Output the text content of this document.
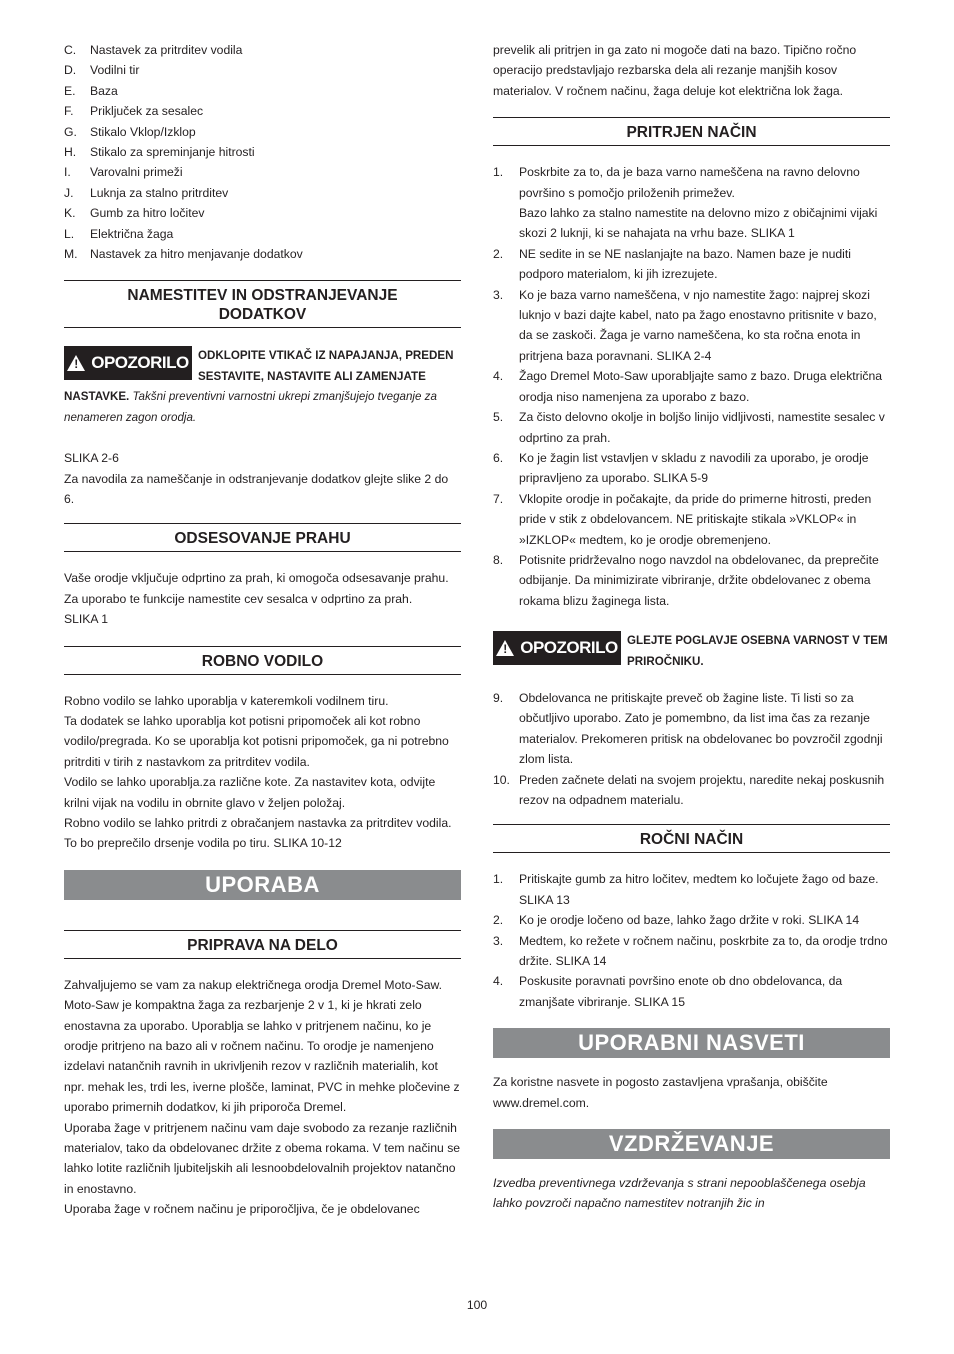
C.	Nastavek za pritrditev vodila
D.	Vodilni tir
E.	Baza
F.	Priključek za sesalec
G.	Stikalo Vklop/Izklop
H.	Stikalo za spreminjanje hitrosti
I.	Varovalni primeži
J.	Luknja za stalno pritrditev
K.	Gumb za hitro ločitev
L.	Električna žaga
M.	Nastavek za hitro menjavanje dodatkov
NAMESTITEV IN ODSTRANJEVANJE DODATKOV
!
OPOZORILO ODKLOPITE VTIKAČ IZ NAPAJANJA, PREDEN SESTAVITE, NASTAVITE ALI ZAMENJATE NASTAVKE. Takšni preventivni varnostni ukrepi zmanjšujejo tveganje za nenameren zagon orodja.

SLIKA 2-6

Za navodila za nameščanje in odstranjevanje dodatkov glejte slike 2 do 6.

ODSESOVANJE PRAHU

Vaše orodje vključuje odprtino za prah, ki omogoča odsesavanje prahu. Za uporabo te funkcije namestite cev sesalca v odprtino za prah.

SLIKA 1

ROBNO VODILO

Robno vodilo se lahko uporablja v kateremkoli vodilnem tiru.

Ta dodatek se lahko uporablja kot potisni pripomoček ali kot robno vodilo/pregrada. Ko se uporablja kot potisni pripomoček, ga ni potrebno pritrditi v tirih z nastavkom za pritrditev vodila.

Vodilo se lahko uporablja.za različne kote. Za nastavitev kota, odvijte krilni vijak na vodilu in obrnite glavo v željen položaj.

Robno vodilo se lahko pritrdi z obračanjem nastavka za pritrditev vodila. To bo preprečilo drsenje vodila po tiru. SLIKA 10-12

UPORABA
PRIPRAVA NA DELO

Zahvaljujemo se vam za nakup električnega orodja Dremel Moto-Saw. Moto-Saw je kompaktna žaga za rezbarjenje 2 v 1, ki je hkrati zelo enostavna za uporabo. Uporablja se lahko v pritrjenem načinu, ko je orodje pritrjeno na bazo ali v ročnem načinu. To orodje je namenjeno izdelavi natančnih ravnih in ukrivljenih rezov v različnih materialih, kot npr. mehak les, trdi les, iverne plošče, laminat, PVC in mehke pločevine z uporabo primernih dodatkov, ki jih priporoča Dremel.

Uporaba žage v pritrjenem načinu vam daje svobodo za rezanje različnih materialov, tako da obdelovanec držite z obema rokama. V tem načinu se lahko lotite različnih ljubiteljskih ali lesnoobdelovalnih projektov natančno in enostavno.

Uporaba žage v ročnem načinu je priporočljiva, če je obdelovanec

prevelik ali pritrjen in ga zato ni mogoče dati na bazo. Tipično ročno operacijo predstavljajo rezbarska dela ali rezanje manjših kosov materialov. V ročnem načinu, žaga deluje kot električna lok žaga.

PRITRJEN NAČIN
1.	Poskrbite za to, da je baza varno nameščena na ravno delovno površino s pomočjo priloženih primežev.
Bazo lahko za stalno namestite na delovno mizo z običajnimi vijaki skozi 2 luknji, ki se nahajata na vrhu baze. SLIKA 1
2.	NE sedite in se NE naslanjajte na bazo. Namen baze je nuditi podporo materialom, ki jih izrezujete.
3.	Ko je baza varno nameščena, v njo namestite žago: najprej skozi luknjo v bazi dajte kabel, nato pa žago enostavno pritisnite v bazo, da se zaskoči. Žaga je varno nameščena, ko sta ročna enota in pritrjena baza poravnani. SLIKA 2-4
4.	Žago Dremel Moto-Saw uporabljajte samo z bazo. Druga električna orodja niso namenjena za uporabo z bazo.
5.	Za čisto delovno okolje in boljšo linijo vidljivosti, namestite sesalec v odprtino za prah.
6.	Ko je žagin list vstavljen v skladu z navodili za uporabo, je orodje pripravljeno za uporabo. SLIKA 5-9
7.	Vklopite orodje in počakajte, da pride do primerne hitrosti, preden pride v stik z obdelovancem. NE pritiskajte stikala »VKLOP« in »IZKLOP« medtem, ko je orodje obremenjeno.
8.	Potisnite pridrževalno nogo navzdol na obdelovanec, da preprečite odbijanje. Da minimizirate vibriranje, držite obdelovanec z obema rokama blizu žaginega lista.
!
OPOZORILO GLEJTE POGLAVJE OSEBNA VARNOST V TEM PRIROČNIKU.
9.	Obdelovanca ne pritiskajte preveč ob žagine liste. Ti listi so za občutljivo uporabo. Zato je pomembno, da list ima čas za rezanje materialov. Prekomeren pritisk na obdelovanec bo povzročil zgodnji zlom lista.
10. Preden začnete delati na svojem projektu, naredite nekaj poskusnih rezov na odpadnem materialu.
ROČNI NAČIN
1.	Pritiskajte gumb za hitro ločitev, medtem ko ločujete žago od baze. SLIKA 13
2.	Ko je orodje ločeno od baze, lahko žago držite v roki. SLIKA 14
3.	Medtem, ko režete v ročnem načinu, poskrbite za to, da orodje trdno držite. SLIKA 14
4.	Poskusite poravnati površino enote ob dno obdelovanca, da zmanjšate vibriranje. SLIKA 15
UPORABNI NASVETI

Za koristne nasvete in pogosto zastavljena vprašanja, obiščite www.dremel.com.

VZDRŽEVANJE

Izvedba preventivnega vzdrževanja s strani nepooblaščenega osebja lahko povzroči napačno namestitev notranjih žic in

100
